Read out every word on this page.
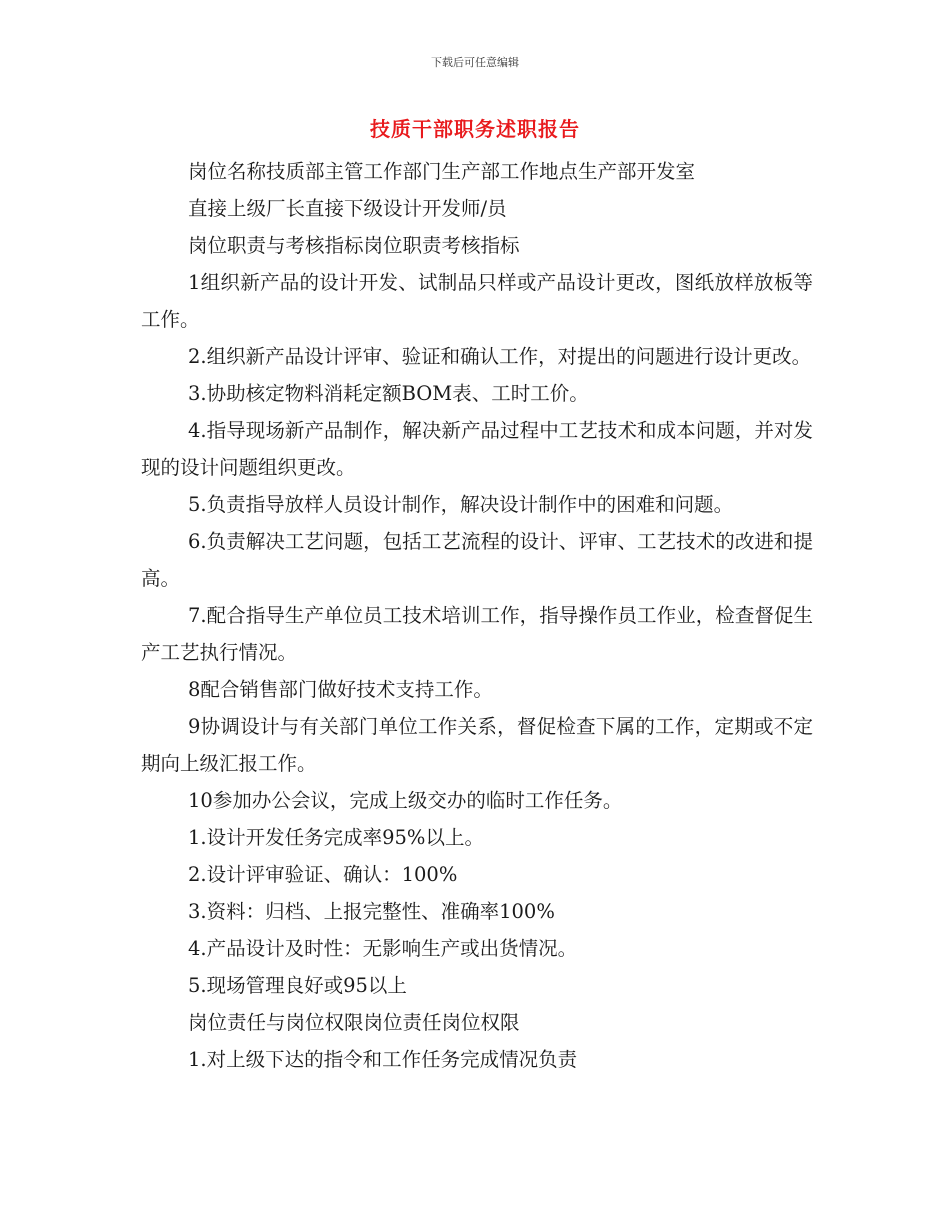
下载后可任意编辑
技质干部职务述职报告

岗位名称技质部主管工作部门生产部工作地点生产部开发室

直接上级厂长直接下级设计开发师/员

岗位职责与考核指标岗位职责考核指标

1组织新产品的设计开发、试制品只样或产品设计更改，图纸放样放板等工作。

2.组织新产品设计评审、验证和确认工作，对提出的问题进行设计更改。

3.协助核定物料消耗定额BOM表、工时工价。

4.指导现场新产品制作，解决新产品过程中工艺技术和成本问题，并对发现的设计问题组织更改。

5.负责指导放样人员设计制作，解决设计制作中的困难和问题。

6.负责解决工艺问题，包括工艺流程的设计、评审、工艺技术的改进和提高。

7.配合指导生产单位员工技术培训工作，指导操作员工作业，检查督促生产工艺执行情况。

8配合销售部门做好技术支持工作。

9协调设计与有关部门单位工作关系，督促检查下属的工作，定期或不定期向上级汇报工作。

10参加办公会议，完成上级交办的临时工作任务。

1.设计开发任务完成率95%以上。

2.设计评审验证、确认：100%

3.资料：归档、上报完整性、准确率100%

4.产品设计及时性：无影响生产或出货情况。

5.现场管理良好或95以上

岗位责任与岗位权限岗位责任岗位权限

1.对上级下达的指令和工作任务完成情况负责
